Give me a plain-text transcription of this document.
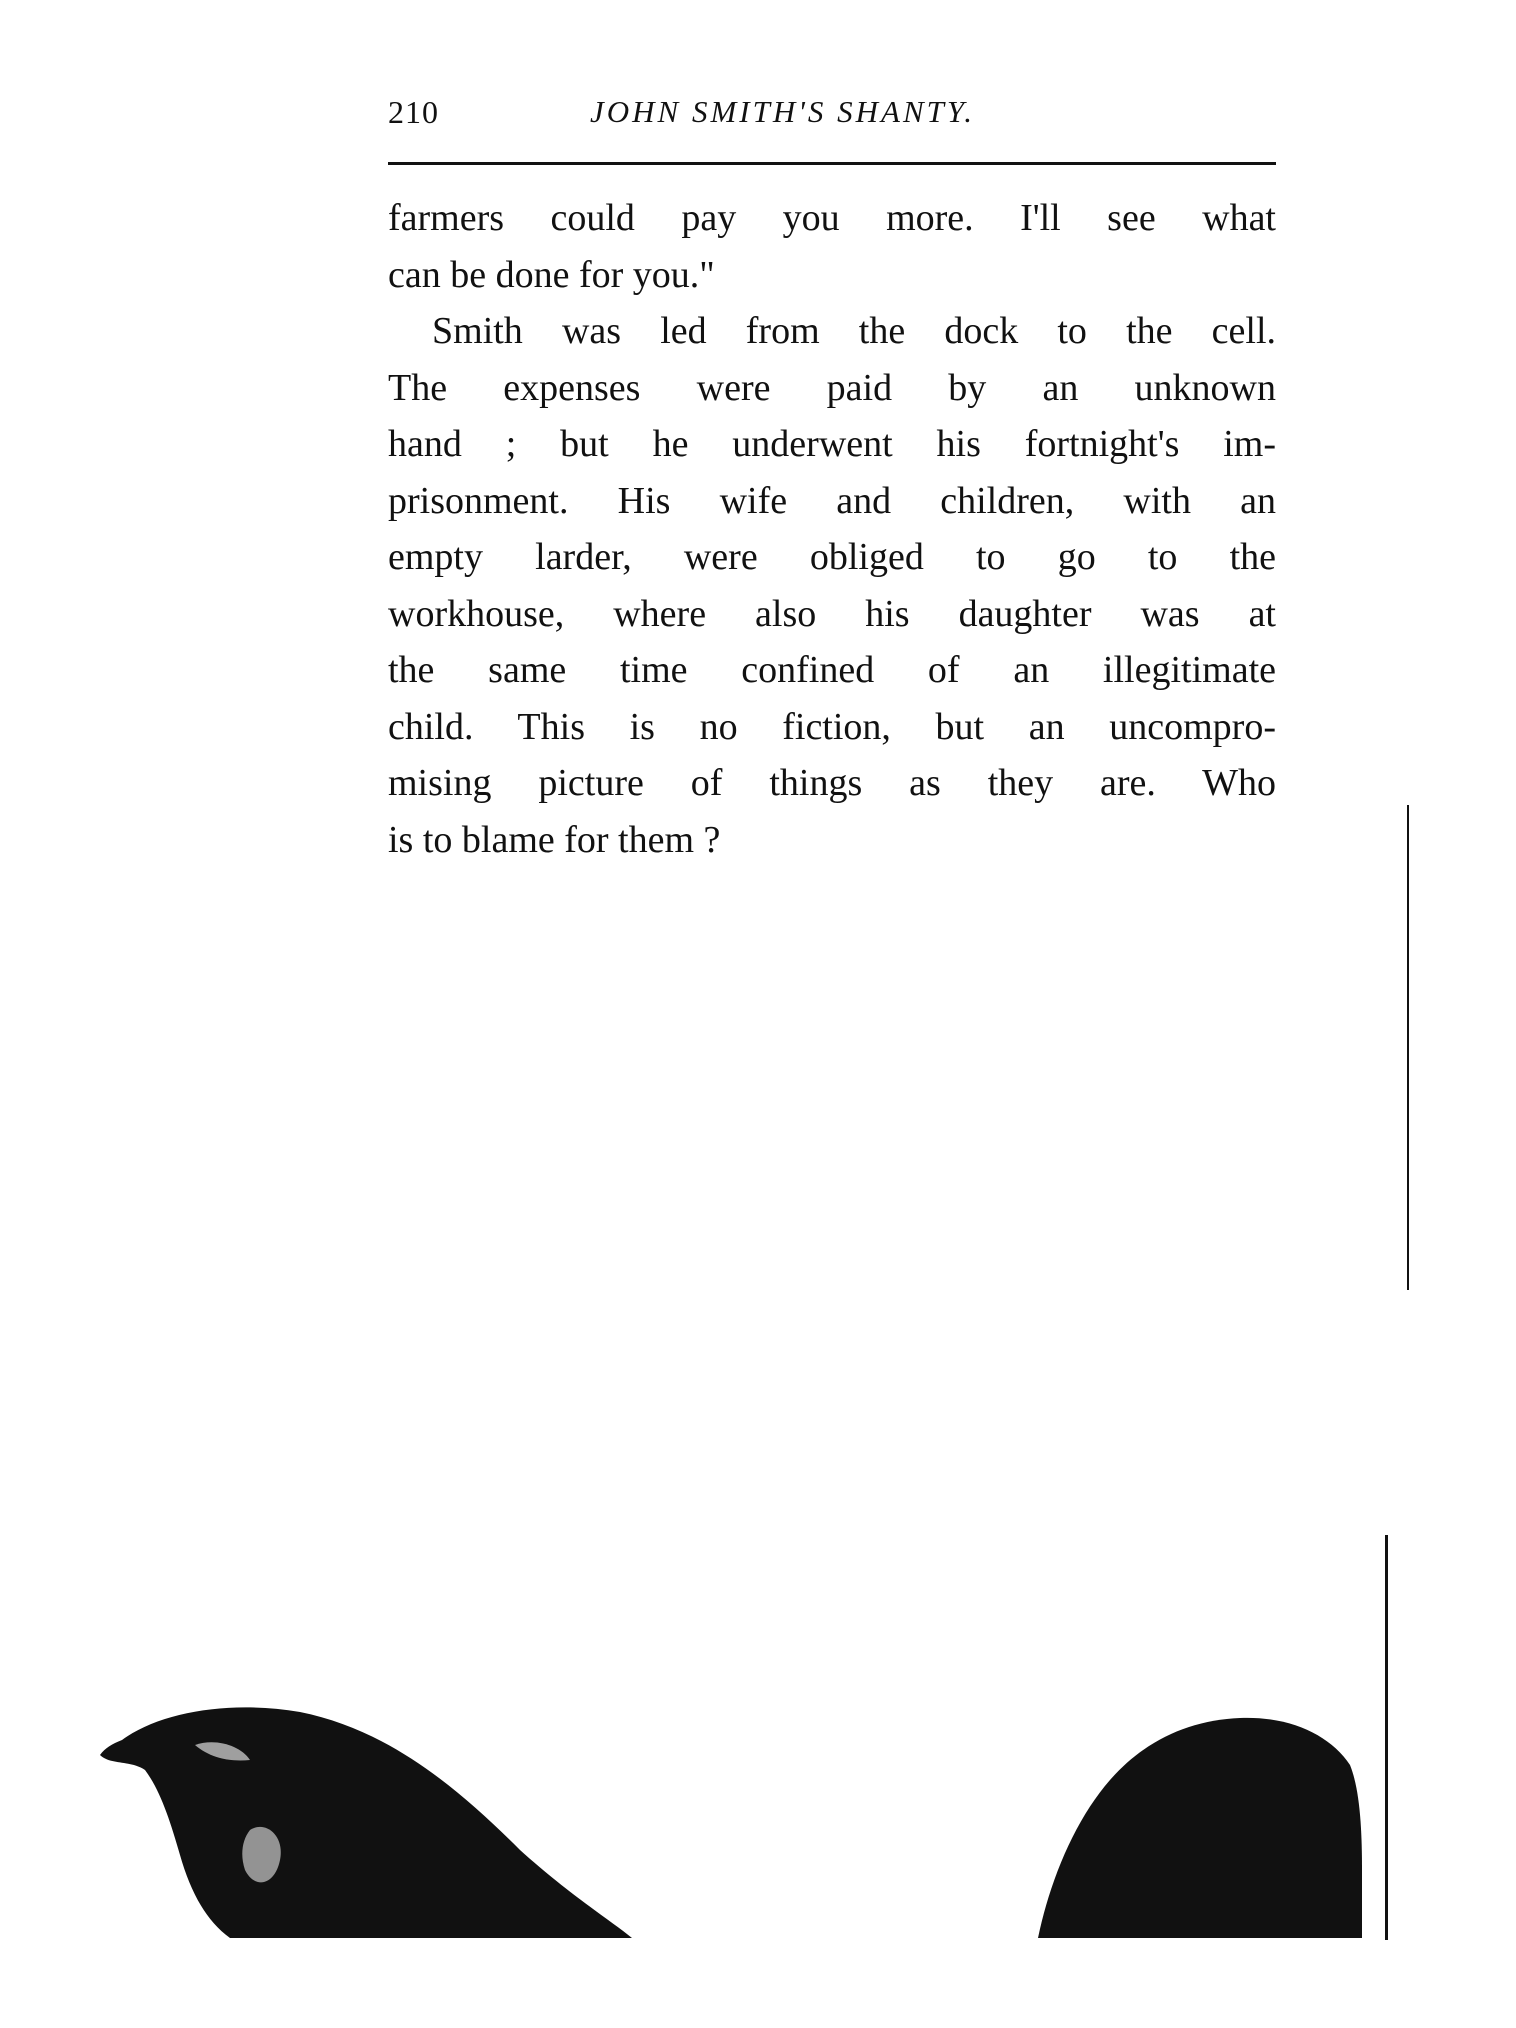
210	JOHN SMITH'S SHANTY.
farmers could pay you more. I'll see what
can be done for you."
Smith was led from the dock to the cell.
The expenses were paid by an unknown
hand ; but he underwent his fortnight's im-
prisonment. His wife and children, with an
empty larder, were obliged to go to the
workhouse, where also his daughter was at
the same time confined of an illegitimate
child. This is no fiction, but an uncompro-
mising picture of things as they are. Who
is to blame for them ?
